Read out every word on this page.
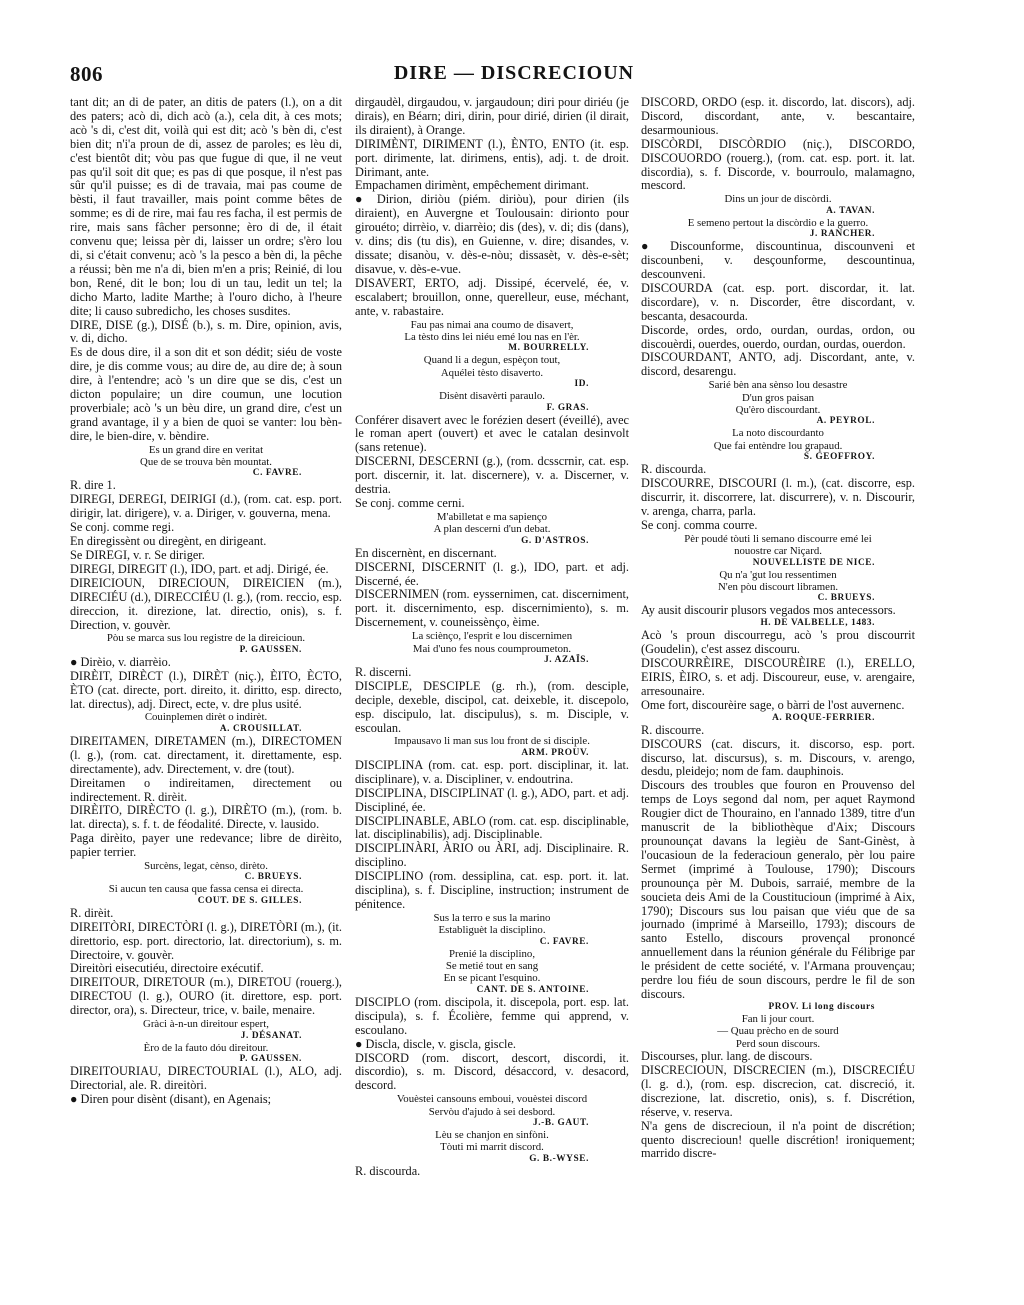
806	DIRE — DISCRECIOUN

tant dit; an di de pater, an ditis de paters (l.), on a dit des paters; acò di, dich acò (a.), cela dit, à ces mots; acò 's di, c'est dit, voilà qui est dit; acò 's bèn di, c'est bien dit; n'i'a proun de di, assez de paroles; es lèu di, c'est bientôt dit; vòu pas que fugue di que, il ne veut pas qu'il soit dit que; es pas di que posque, il n'est pas sûr qu'il puisse; es di de travaia, mai pas coume de bèsti, il faut travailler, mais point comme bêtes de somme; es di de rire, mai fau res facha, il est permis de rire, mais sans fâcher personne; èro di de, il était convenu que; leissa pèr di, laisser un ordre; s'èro lou di, si c'était convenu; acò 's la pesco a bèn di, la pêche a réussi; bèn me n'a di, bien m'en a pris; Reinié, di lou bon, René, dit le bon; lou di un tau, ledit un tel; la dicho Marto, ladite Marthe; à l'ouro dicho, à l'heure dite; li causo subredicho, les choses susdites.

DIRE, DISE (g.), DISÉ (b.), s. m. Dire, opinion, avis, v. di, dicho.

Es de dous dire, il a son dit et son dédit; siéu de voste dire, je dis comme vous; au dire de, au dire de; à soun dire, à l'entendre; acò 's un dire que se dis, c'est un dicton populaire; un dire coumun, une locution proverbiale; acò 's un bèu dire, un grand dire, c'est un grand avantage, il y a bien de quoi se vanter: lou bèn-dire, le bien-dire, v. bèndire.

Es un grand dire en veritat

Que de se trouva bèn mountat.

C. FAVRE.

R. dire 1.

DIREGI, DEREGI, DEIRIGI (d.), (rom. cat. esp. port. dirigir, lat. dirigere), v. a. Diriger, v. gouverna, mena.

Se conj. comme regi.

En diregissènt ou diregènt, en dirigeant.

Se DIREGI, v. r. Se diriger.

DIREGI, DIREGIT (l.), IDO, part. et adj. Dirigé, ée.

DIREICIOUN, DIRECIOUN, DIREICIEN (m.), DIRECIÉU (d.), DIRECCIÉU (l. g.), (rom. reccio, esp. direccion, it. direzione, lat. directio, onis), s. f. Direction, v. gouvèr.

Pòu se marca sus lou registre de la direicioun.

P. GAUSSEN.

● Dirèio, v. diarrèio.

DIRÈIT, DIRÈCT (l.), DIRÈT (niç.), ÈITO, ÈCTO, ÈTO (cat. directe, port. direito, it. diritto, esp. directo, lat. directus), adj. Direct, ecte, v. dre plus usité.

Couinplemen dirèt o indirèt.

A. CROUSILLAT.

DIREITAMEN, DIRETAMEN (m.), DIRECTOMEN (l. g.), (rom. cat. directament, it. direttamente, esp. directamente), adv. Directement, v. dre (tout).

Direitamen o indireitamen, directement ou indirectement. R. dirèit.

DIRÈITO, DIRÈCTO (l. g.), DIRÈTO (m.), (rom. b. lat. directa), s. f. t. de féodalité. Directe, v. lausido.

Paga dirèito, payer une redevance; libre de dirèito, papier terrier.

Surcèns, legat, cènso, dirèto.

C. BRUEYS.

Si aucun ten causa que fassa censa ei directa.

COUT. DE S. GILLES.

R. dirèit.

DIREITÒRI, DIRECTÒRI (l. g.), DIRETÒRI (m.), (it. direttorio, esp. port. directorio, lat. directorium), s. m. Directoire, v. gouvèr.

Direitòri eisecutiéu, directoire exécutif.

DIREITOUR, DIRETOUR (m.), DIRETOU (rouerg.), DIRECTOU (l. g.), OURO (it. direttore, esp. port. director, ora), s. Directeur, trice, v. baile, menaire.

Gràci à-n-un direitour espert,

J. DÉSANAT.

Èro de la fauto dóu direitour.

P. GAUSSEN.

DIREITOURIAU, DIRECTOURIAL (l.), ALO, adj. Directorial, ale. R. direitòri.

● Diren pour disènt (disant), en Agenais;

dirgaudèl, dirgaudou, v. jargaudoun; diri pour diriéu (je dirais), en Béarn; diri, dirin, pour dirié, dirien (il dirait, ils diraient), à Orange.

DIRIMÈNT, DIRIMENT (l.), ÈNTO, ENTO (it. esp. port. dirimente, lat. dirimens, entis), adj. t. de droit. Dirimant, ante.

Empachamen dirimènt, empêchement dirimant.

● Dirion, diriòu (piém. diriòu), pour dirien (ils diraient), en Auvergne et Toulousain: dirionto pour girouéto; dirrèio, v. diarrèio; dis (des), v. di; dis (dans), v. dins; dis (tu dis), en Guienne, v. dire; disandes, v. dissate; disanòu, v. dès-e-nòu; dissasèt, v. dès-e-sèt; disavue, v. dès-e-vue.

DISAVERT, ERTO, adj. Dissipé, écervelé, ée, v. escalabert; brouillon, onne, querelleur, euse, méchant, ante, v. rabastaire.

Fau pas nimai ana coumo de disavert,

La tèsto dins lei niéu emé lou nas en l'èr.

M. BOURRELLY.

Quand li a degun, espèçon tout,

Aquélei tèsto disaverto.

ID.

Disènt disavèrti paraulo.

F. GRAS.

Conférer disavert avec le forézien desert (éveillé), avec le roman apert (ouvert) et avec le catalan desinvolt (sans retenue).

DISCERNI, DESCERNI (g.), (rom. dcsscrnir, cat. esp. port. discernir, it. lat. discernere), v. a. Discerner, v. destria.

Se conj. comme cerni.

M'abilletat e ma sapienço

A plan descerni d'un debat.

G. D'ASTROS.

En discernènt, en discernant.

DISCERNI, DISCERNIT (l. g.), IDO, part. et adj. Discerné, ée.

DISCERNIMEN (rom. eyssernimen, cat. discerniment, port. it. discernimento, esp. discernimiento), s. m. Discernement, v. couneissènço, èime.

La sciènço, l'esprit e lou discernimen

Mai d'uno fes nous coumproumeton.

J. AZAÏS.

R. discerni.

DISCIPLE, DESCIPLE (g. rh.), (rom. desciple, deciple, dexeble, discipol, cat. deixeble, it. discepolo, esp. discipulo, lat. discipulus), s. m. Disciple, v. escoulan.

Impausavo li man sus lou front de si disciple.

ARM. PROUV.

DISCIPLINA (rom. cat. esp. port. disciplinar, it. lat. disciplinare), v. a. Discipliner, v. endoutrina.

DISCIPLINA, DISCIPLINAT (l. g.), ADO, part. et adj. Discipliné, ée.

DISCIPLINABLE, ABLO (rom. cat. esp. disciplinable, lat. disciplinabilis), adj. Disciplinable.

DISCIPLINÀRI, ÀRIO ou ÀRI, adj. Disciplinaire. R. disciplino.

DISCIPLINO (rom. dessiplina, cat. esp. port. it. lat. disciplina), s. f. Discipline, instruction; instrument de pénitence.

Sus la terro e sus la marino

Establiguèt la disciplino.

C. FAVRE.

Prenié la disciplino,

Se metié tout en sang

En se picant l'esquino.

CANT. DE S. ANTOINE.

DISCIPLO (rom. discipola, it. discepola, port. esp. lat. discipula), s. f. Écolière, femme qui apprend, v. escoulano.

● Discla, discle, v. giscla, giscle.

DISCORD (rom. discort, descort, discordi, it. discordio), s. m. Discord, désaccord, v. desacord, descord.

Vouèstei cansouns emboui, vouèstei discord

Servòu d'ajudo à sei desbord.

J.-B. GAUT.

Lèu se chanjon en sinfòni.

Tòuti mi marrit discord.

G. B.-WYSE.

R. discourda.

DISCORD, ORDO (esp. it. discordo, lat. discors), adj. Discord, discordant, ante, v. bescantaire, desarmounious.

DISCÒRDI, DISCÒRDIO (niç.), DISCORDO, DISCOUORDO (rouerg.), (rom. cat. esp. port. it. lat. discordia), s. f. Discorde, v. bourroulo, malamagno, mescord.

Dins un jour de discòrdi.

A. TAVAN.

E semeno pertout la discòrdio e la guerro.

J. RANCHER.

● Discounforme, discountinua, discounveni et discounbeni, v. desçounforme, descountinua, descounveni.

DISCOURDA (cat. esp. port. discordar, it. lat. discordare), v. n. Discorder, être discordant, v. bescanta, desacourda.

Discorde, ordes, ordo, ourdan, ourdas, ordon, ou discouèrdi, ouerdes, ouerdo, ourdan, ourdas, ouerdon.

DISCOURDANT, ANTO, adj. Discordant, ante, v. discord, desarengu.

Sarié bèn ana sènso lou desastre

D'un gros paisan

Qu'èro discourdant.

A. PEYROL.

La noto discourdanto

Que fai entèndre lou grapaud.

S. GEOFFROY.

R. discourda.

DISCOURRE, DISCOURI (l. m.), (cat. discorre, esp. discurrir, it. discorrere, lat. discurrere), v. n. Discourir, v. arenga, charra, parla.

Se conj. comma courre.

Pèr poudé tòuti li semano discourre emé lei

nouostre car Niçard.

NOUVELLISTE DE NICE.

Qu n'a 'gut lou ressentimen

N'en pòu discourt libramen.

C. BRUEYS.

Ay ausit discourir plusors vegados mos antecessors.

H. DE VALBELLE, 1483.

Acò 's proun discourregu, acò 's prou discourrit (Goudelin), c'est assez discouru.

DISCOURRÈIRE, DISCOURÈIRE (l.), ERELLO, EIRIS, ÈIRO, s. et adj. Discoureur, euse, v. arengaire, arresounaire.

Ome fort, discourèire sage, o bàrri de l'ost auvernenc.

A. ROQUE-FERRIER.

R. discourre.

DISCOURS (cat. discurs, it. discorso, esp. port. discurso, lat. discursus), s. m. Discours, v. arengo, desdu, pleidejo; nom de fam. dauphinois.

Discours des troubles que fouron en Prouvenso del temps de Loys segond dal nom, per aquet Raymond Rougier dict de Thouraino, en l'annado 1389, titre d'un manuscrit de la bibliothèque d'Aix; Discours prounounçat davans la legièu de Sant-Ginèst, à l'oucasioun de la federacioun generalo, pèr lou paire Sermet (imprimé à Toulouse, 1790); Discours prounounça pèr M. Dubois, sarraié, membre de la soucieta deis Ami de la Coustitucioun (imprimé à Aix, 1790); Discours sus lou paisan que viéu que de sa journado (imprimé à Marseillo, 1793); discours de santo Estello, discours provençal prononcé annuellement dans la réunion générale du Félibrige par le président de cette société, v. l'Armana prouvençau; perdre lou fiéu de soun discours, perdre le fil de son discours.

PROV. Li long discours

Fan li jour court.

— Quau prècho en de sourd

Perd soun discours.

Discourses, plur. lang. de discours.

DISCRECIOUN, DISCRECIEN (m.), DISCRECIÉU (l. g. d.), (rom. esp. discrecion, cat. discreció, it. discrezione, lat. discretio, onis), s. f. Discrétion, réserve, v. reserva.

N'a gens de discrecioun, il n'a point de discrétion; quento discrecioun! quelle discrétion! ironiquement; marrido discre-
